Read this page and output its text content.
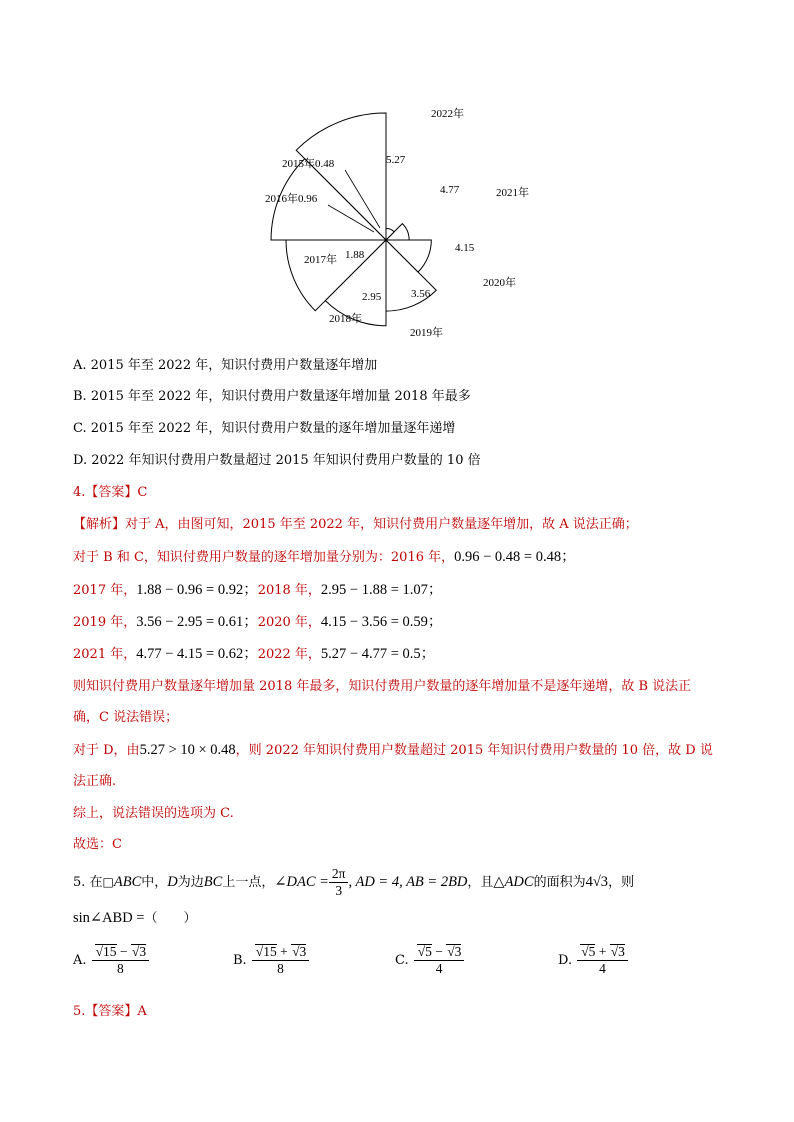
5.27
4.77
4.15
3.56
2.95
1.88
2015年0.48
2016年0.96
2022年
2021年
2020年
2019年
2018年
2017年
A. 2015 年至 2022 年，知识付费用户数量逐年增加
B. 2015 年至 2022 年，知识付费用户数量逐年增加量 2018 年最多
C. 2015 年至 2022 年，知识付费用户数量的逐年增加量逐年递增
D. 2022 年知识付费用户数量超过 2015 年知识付费用户数量的 10 倍
4.【答案】C
【解析】对于 A，由图可知，2015 年至 2022 年，知识付费用户数量逐年增加，故 A 说法正确；
对于 B 和 C，知识付费用户数量的逐年增加量分别为：2016 年，0.96 − 0.48 = 0.48；
2017 年，1.88 − 0.96 = 0.92；2018 年，2.95 − 1.88 = 1.07；
2019 年，3.56 − 2.95 = 0.61；2020 年，4.15 − 3.56 = 0.59；
2021 年，4.77 − 4.15 = 0.62；2022 年，5.27 − 4.77 = 0.5；
则知识付费用户数量逐年增加量 2018 年最多，知识付费用户数量的逐年增加量不是逐年递增，故 B 说法正
确，C 说法错误；
对于 D，由5.27 > 10 × 0.48，则 2022 年知识付费用户数量超过 2015 年知识付费用户数量的 10 倍，故 D 说
法正确.
综上，说法错误的选项为 C.
故选：C
5. 在□ABC中，D为边BC上一点，∠DAC = $\frac{2\pi}{3}$ , AD = 4, AB = 2BD，且△ADC的面积为4√3，则
sin∠ABD =（　　）
A. $\frac{√15 - √3}{8}$	B. $\frac{√15 + √3}{8}$	C. $\frac{√5 - √3}{4}$	D. $\frac{√5 + √3}{4}$
5.【答案】A
